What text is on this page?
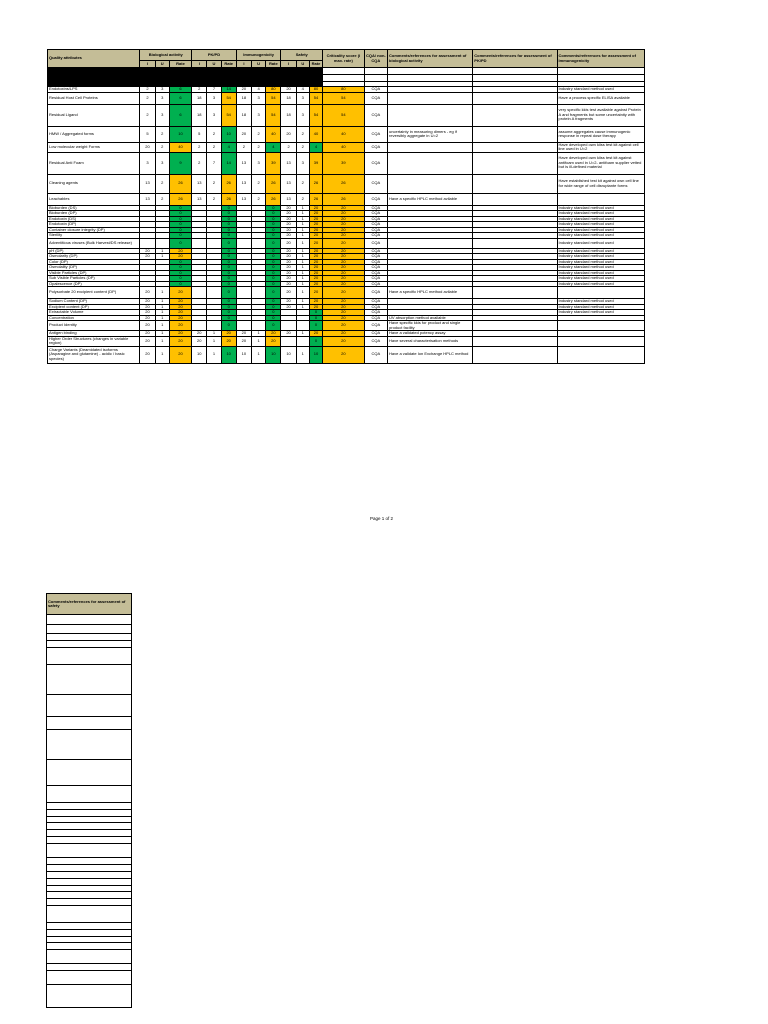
Quality attributes	Biological activity			PK/PD			Immunogenicity			Safety			Criticality score (I max. rate)	CQA/ non-CQA	Comments/references for assessment of biological activity	Comments/references for assessment of PK/PD	Comments/references for assessment of Immunogenicity
	I	U	Rate	I	U	Rate	I	U	Rate	I	U	Rate					

Endotoxins/LPS	2	3	6	2	7	14	20	4	80	20	4	80	80	CQA			Industry standard method used
Residual Host Cell Proteins	2	3	6	18	3	54	18	3	54	18	3	54	54	CQA			Have a process specific ELISA available
Residual Ligand	2	3	6	18	3	54	18	3	54	18	3	54	54	CQA			very specific kkis test available against Protein A and fragments but some uncertainity with protein A fragments
HMW / Aggregated forms	5	2	10	5	2	10	20	2	40	20	2	40	40	CQA	uncertainty in measuring dimers - eg if reversibly aggregate in U=2		assume aggregates cause immunogenic response in repeat dose therapy
Low molecular weight Forms	20	2	40	2	2	4	2	2	4	2	2	4	40	CQA			Have developed own kiiss test kit against cell line used in U=2
Residual Anti Foam	3	3	9	2	7	14	13	3	39	13	3	39	39	CQA			Have developed own kiiss test kit against antifoam used in U=2- antifoam supplier vetted but is ill-defined material
Cleaning agents	13	2	26	13	2	26	13	2	26	13	2	26	26	CQA			Have established test kit against own cell line for wide range of cell disruptante forms
Leachables	13	2	26	13	2	26	13	2	26	13	2	26	26	CQA	Have a specific HPLC method avilable		
Bioburden (DS)			0			0			0	20	1	20	20	CQA			Industry standard method used
Bioburden (DP)			0			0			0	20	1	20	20	CQA			Industry standard method used
Endotoxin (DS)			0			0			0	20	1	20	20	CQA			Industry standard method used
Endotoxin (DP)			0			0			0	20	1	20	20	CQA			Industry standard method used
Container closure integrity (DP)			0			0			0	20	1	20	20	CQA			Industry standard method used
Sterility			0			0			0	20	1	20	20	CQA			Industry standard method used
Adventitious viruses (Bulk Harvest/DS release)			0			0			0	20	1	20	20	CQA			Industry standard method used
pH (DP)	20	1	20			0			0	20	1	20	20	CQA			Industry standard method used
Osmolarity (DP)	20	1	20			0			0	20	1	20	20	CQA			Industry standard method used
Color (DP)			0			0			0	20	1	20	20	CQA			Industry standard method used
Osmolality (DP)			0			0			0	20	1	20	20	CQA			Industry standard method used
Visible Particles (DP)			0			0			0	20	1	20	20	CQA			Industry standard method used
Sub Visible Particles (DP)			0			0			0	20	1	20	20	CQA			Industry standard method used
Opalescence (DP)			0			0			0	20	1	20	20	CQA			Industry standard method used
Polysorbate 20 excipient content (DP)	20	1	20			0			0	20	1	20	20	CQA	Have a specific HPLC method avilable		
Sodium Content (DP)	20	1	20			0			0	20	1	20	20	CQA			Industry standard method used
Excipient content (DP)	20	1	20			0			0	20	1	20	20	CQA			Industry standard method used
Extractable Volume	20	1	20			0			0			0	20	CQA			Industry standard method used
Concentration	20	1	20			0			0			0	20	CQA	UV absorption method available		
Product Identity	20	1	20			0			0			0	20	CQA	Have specific kkis for product and single product facility		
Antigen binding	20	1	20	20	1	20	20	1	20	20	1	20	20	CQA	Have a validated potency assay		
Higher Order Structures (changes in variable region)	20	1	20	20	1	20	20	1	20			0	20	CQA	Have several characterisation methods		
Charge Variants (Deamidated isoforms (Asparagine and glutamine) - acidic / basic species)	20	1	20	10	1	10	10	1	10	10	1	10	20	CQA	Have a validate Ion Exchange HPLC method		
Page 1 of 2
Comments/references for assessment of safety
